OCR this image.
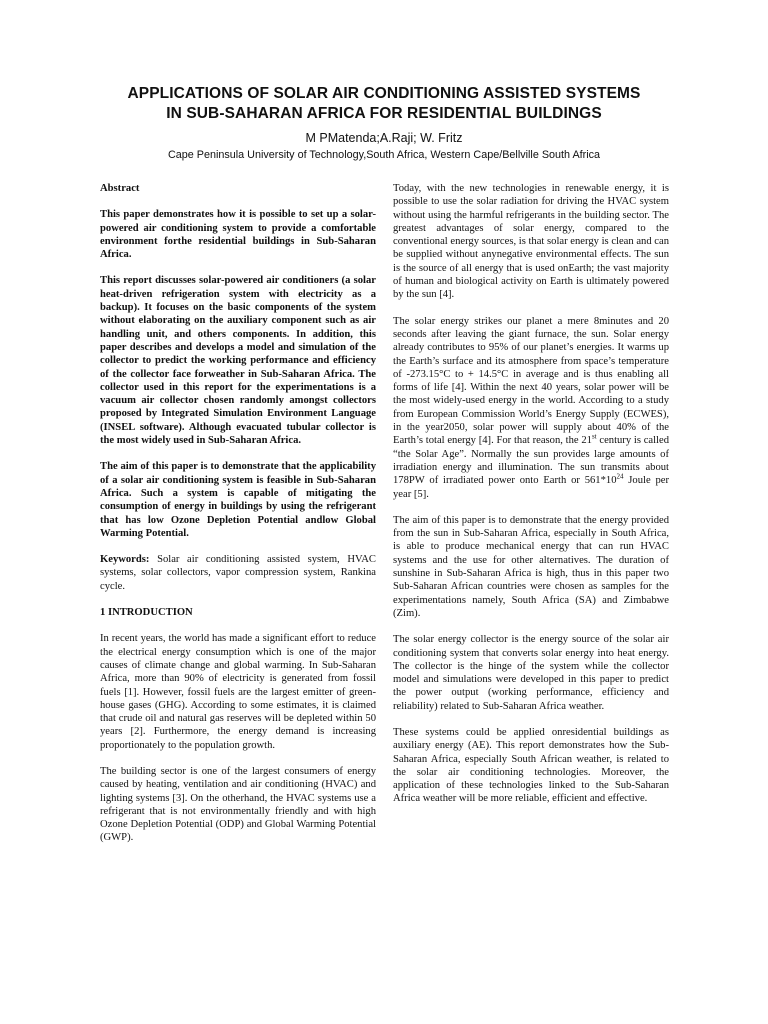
APPLICATIONS OF SOLAR AIR CONDITIONING ASSISTED SYSTEMS
IN SUB-SAHARAN AFRICA FOR RESIDENTIAL BUILDINGS
M PMatenda;A.Raji; W. Fritz
Cape Peninsula University of Technology,South Africa, Western Cape/Bellville South Africa

Abstract

This paper demonstrates how it is possible to set up a solar-powered air conditioning system to provide a comfortable environment forthe residential buildings in Sub-Saharan Africa.

This report discusses solar-powered air conditioners (a solar heat-driven refrigeration system with electricity as a backup). It focuses on the basic components of the system without elaborating on the auxiliary component such as air handling unit, and others components. In addition, this paper describes and develops a model and simulation of the collector to predict the working performance and efficiency of the collector face forweather in Sub-Saharan Africa. The collector used in this report for the experimentations is a vacuum air collector chosen randomly amongst collectors proposed by Integrated Simulation Environment Language (INSEL software). Although evacuated tubular collector is the most widely used in Sub-Saharan Africa.

The aim of this paper is to demonstrate that the applicability of a solar air conditioning system is feasible in Sub-Saharan Africa. Such a system is capable of mitigating the consumption of energy in buildings by using the refrigerant that has low Ozone Depletion Potential andlow Global Warming Potential.

Keywords: Solar air conditioning assisted system, HVAC systems, solar collectors, vapor compression system, Rankina cycle.

1 INTRODUCTION

In recent years, the world has made a significant effort to reduce the electrical energy consumption which is one of the major causes of climate change and global warming. In Sub-Saharan Africa, more than 90% of electricity is generated from fossil fuels [1]. However, fossil fuels are the largest emitter of green-house gases (GHG). According to some estimates, it is claimed that crude oil and natural gas reserves will be depleted within 50 years [2]. Furthermore, the energy demand is increasing proportionately to the population growth.

The building sector is one of the largest consumers of energy caused by heating, ventilation and air conditioning (HVAC) and lighting systems [3]. On the otherhand, the HVAC systems use a refrigerant that is not environmentally friendly and with high Ozone Depletion Potential (ODP) and Global Warming Potential (GWP).

Today, with the new technologies in renewable energy, it is possible to use the solar radiation for driving the HVAC system without using the harmful refrigerants in the building sector. The greatest advantages of solar energy, compared to the conventional energy sources, is that solar energy is clean and can be supplied without anynegative environmental effects. The sun is the source of all energy that is used onEarth; the vast majority of human and biological activity on Earth is ultimately powered by the sun [4].

The solar energy strikes our planet a mere 8minutes and 20 seconds after leaving the giant furnace, the sun. Solar energy already contributes to 95% of our planet’s energies. It warms up the Earth’s surface and its atmosphere from space’s temperature of -273.15°C to + 14.5°C in average and is thus enabling all forms of life [4]. Within the next 40 years, solar power will be the most widely-used energy in the world. According to a study from European Commission World’s Energy Supply (ECWES), in the year2050, solar power will supply about 40% of the Earth’s total energy [4]. For that reason, the 21st century is called “the Solar Age”. Normally the sun provides large amounts of irradiation energy and illumination. The sun transmits about 178PW of irradiated power onto Earth or $561*10^{24}$ Joule per year [5].

The aim of this paper is to demonstrate that the energy provided from the sun in Sub-Saharan Africa, especially in South Africa, is able to produce mechanical energy that can run HVAC systems and the use for other alternatives. The duration of sunshine in Sub-Saharan Africa is high, thus in this paper two Sub-Saharan African countries were chosen as samples for the experimentations namely, South Africa (SA) and Zimbabwe (Zim).

The solar energy collector is the energy source of the solar air conditioning system that converts solar energy into heat energy. The collector is the hinge of the system while the collector model and simulations were developed in this paper to predict the power output (working performance, efficiency and reliability) related to Sub-Saharan Africa weather.

These systems could be applied onresidential buildings as auxiliary energy (AE). This report demonstrates how the Sub-Saharan Africa, especially South African weather, is related to the solar air conditioning technologies. Moreover, the application of these technologies linked to the Sub-Saharan Africa weather will be more reliable, efficient and effective.
